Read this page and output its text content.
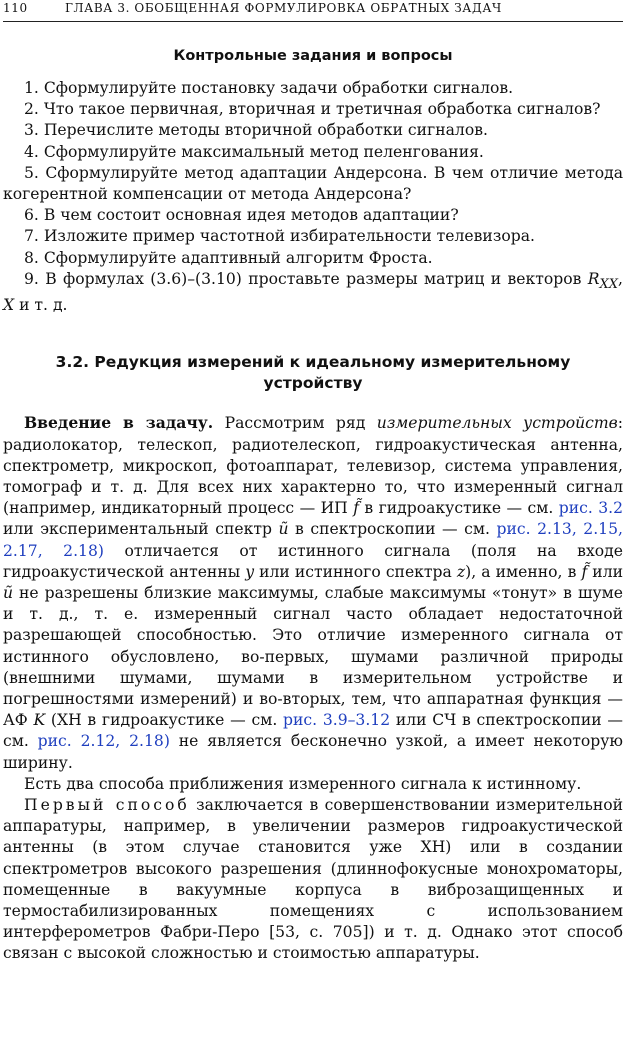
110	ГЛАВА 3. ОБОБЩЕННАЯ ФОРМУЛИРОВКА ОБРАТНЫХ ЗАДАЧ
Контрольные задания и вопросы

1. Сформулируйте постановку задачи обработки сигналов.

2. Что такое первичная, вторичная и третичная обработка сигналов?

3. Перечислите методы вторичной обработки сигналов.

4. Сформулируйте максимальный метод пеленгования.

5. Сформулируйте метод адаптации Андерсона. В чем отличие метода когерентной компенсации от метода Андерсона?

6. В чем состоит основная идея методов адаптации?

7. Изложите пример частотной избирательности телевизора.

8. Сформулируйте адаптивный алгоритм Фроста.

9. В формулах (3.6)–(3.10) проставьте размеры матриц и векторов $R_{XX}$, X и т. д.

3.2. Редукция измерений к идеальному измерительному устройству

Введение в задачу. Рассмотрим ряд измерительных устройств: радиолокатор, телескоп, радиотелескоп, гидроакустическая антенна, спектрометр, микроскоп, фотоаппарат, телевизор, система управления, томограф и т. д. Для всех них характерно то, что измеренный сигнал (например, индикаторный процесс — ИП f̃ в гидроакустике — см. рис. 3.2 или экспериментальный спектр ũ в спектроскопии — см. рис. 2.13, 2.15, 2.17, 2.18) отличается от истинного сигнала (поля на входе гидроакустической антенны y или истинного спектра z), а именно, в f̃ или ũ не разрешены близкие максимумы, слабые максимумы «тонут» в шуме и т. д., т. е. измеренный сигнал часто обладает недостаточной разрешающей способностью. Это отличие измеренного сигнала от истинного обусловлено, во-первых, шумами различной природы (внешними шумами, шумами в измерительном устройстве и погрешностями измерений) и во-вторых, тем, что аппаратная функция — АФ K (ХН в гидроакустике — см. рис. 3.9–3.12 или СЧ в спектроскопии — см. рис. 2.12, 2.18) не является бесконечно узкой, а имеет некоторую ширину.

Есть два способа приближения измеренного сигнала к истинному.

Первый способ заключается в совершенствовании измерительной аппаратуры, например, в увеличении размеров гидроакустической антенны (в этом случае становится уже ХН) или в создании спектрометров высокого разрешения (длиннофокусные монохроматоры, помещенные в вакуумные корпуса в виброзащищенных и термостабилизированных помещениях с использованием интерферометров Фабри-Перо [53, с. 705]) и т. д. Однако этот способ связан с высокой сложностью и стоимостью аппаратуры.
